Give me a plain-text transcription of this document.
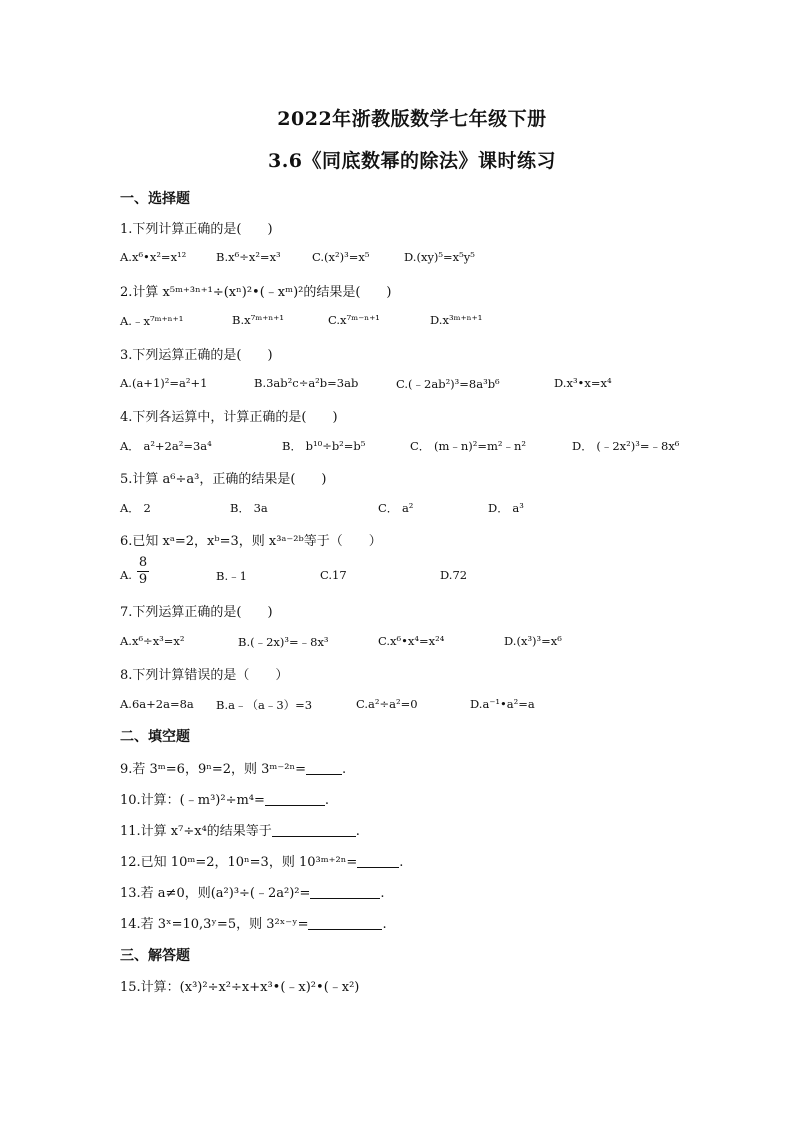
2022年浙教版数学七年级下册
3.6《同底数幂的除法》课时练习
一、选择题
1.下列计算正确的是(　　)
A.x⁶•x²=x¹²	B.x⁶÷x²=x³	C.(x²)³=x⁵	D.(xy)⁵=x⁵y⁵
2.计算 x⁵ᵐ⁺³ⁿ⁺¹÷(xⁿ)²•(﹣xᵐ)²的结果是(　　)
A.﹣x⁷ᵐ⁺ⁿ⁺¹	B.x⁷ᵐ⁺ⁿ⁺¹	C.x⁷ᵐ⁻ⁿ⁺¹	D.x³ᵐ⁺ⁿ⁺¹
3.下列运算正确的是(　　)
A.(a+1)²=a²+1	B.3ab²c÷a²b=3ab	C.(﹣2ab²)³=8a³b⁶	D.x³•x=x⁴
4.下列各运算中，计算正确的是(　　)
A． a²+2a²=3a⁴	B． b¹⁰÷b²=b⁵	C． (m﹣n)²=m²﹣n²	D． (﹣2x²)³=﹣8x⁶
5.计算 a⁶÷a³，正确的结果是(　　)
A． 2	B． 3a	C． a²	D． a³
6.已知 xᵃ=2，xᵇ=3，则 x³ᵃ⁻²ᵇ等于（　　）
A.	B.﹣1	C.17	D.72
$\frac{8}{9}$
7.下列运算正确的是(　　)
A.x⁶÷x³=x²	B.(﹣2x)³=﹣8x³	C.x⁶•x⁴=x²⁴	D.(x³)³=x⁶
8.下列计算错误的是（　　）
A.6a+2a=8a B.a﹣（a﹣3）=3	C.a²÷a²=0	D.a⁻¹•a²=a
二、填空题
9.若 3ᵐ=6，9ⁿ=2，则 3ᵐ⁻²ⁿ=	.
10.计算：(﹣m³)²÷m⁴=	.
11.计算 x⁷÷x⁴的结果等于	.
12.已知 10ᵐ=2，10ⁿ=3，则 10³ᵐ⁺²ⁿ=	.
13.若 a≠0，则(a²)³÷(﹣2a²)²=	.
14.若 3ˣ=10,3ʸ=5，则 3²ˣ⁻ʸ=	.
三、解答题
15.计算：(x³)²÷x²÷x+x³•(﹣x)²•(﹣x²)
